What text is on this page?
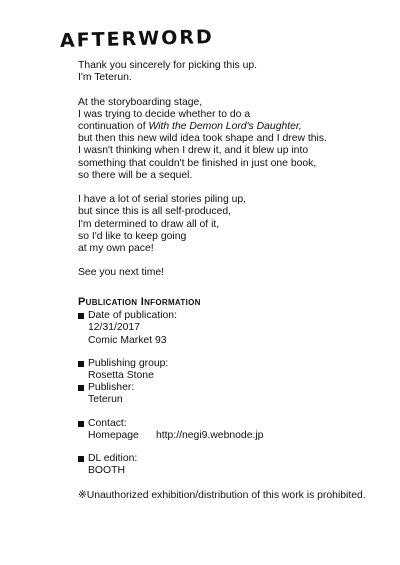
AFTERWORD
Thank you sincerely for picking this up.
I'm Teterun.
At the storyboarding stage,
I was trying to decide whether to do a
continuation of With the Demon Lord's Daughter,
but then this new wild idea took shape and I drew this.
I wasn't thinking when I drew it, and it blew up into
something that couldn't be finished in just one book,
so there will be a sequel.
I have a lot of serial stories piling up,
but since this is all self-produced,
I'm determined to draw all of it,
so I'd like to keep going
at my own pace!
See you next time!
Publication Information
Date of publication:
12/31/2017
Comic Market 93
Publishing group:
Rosetta Stone
Publisher:
Teterun
Contact:
Homepage	http://negi9.webnode.jp
DL edition:
BOOTH
※Unauthorized exhibition/distribution of this work is prohibited.
